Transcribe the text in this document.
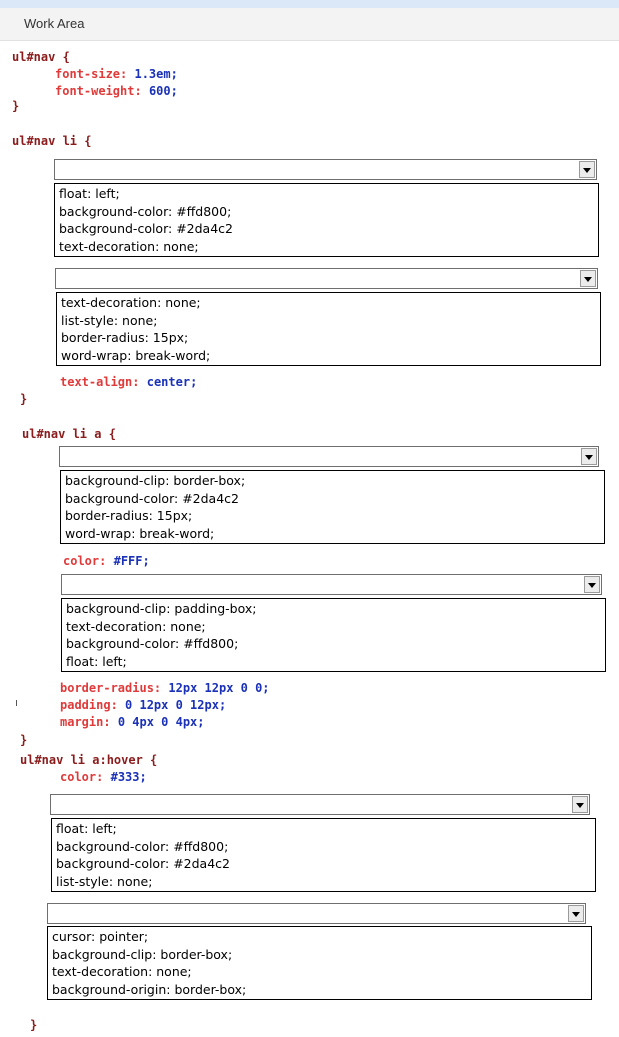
Work Area
ul#nav {
font-size: 1.3em;
font-weight: 600;
}
ul#nav li {
float: left;
background-color: #ffd800;
background-color: #2da4c2
text-decoration: none;
text-decoration: none;
list-style: none;
border-radius: 15px;
word-wrap: break-word;
text-align: center;
}
ul#nav li a {
background-clip: border-box;
background-color: #2da4c2
border-radius: 15px;
word-wrap: break-word;
color: #FFF;
background-clip: padding-box;
text-decoration: none;
background-color: #ffd800;
float: left;
border-radius: 12px 12px 0 0;
padding: 0 12px 0 12px;
margin: 0 4px 0 4px;
}
ul#nav li a:hover {
color: #333;
float: left;
background-color: #ffd800;
background-color: #2da4c2
list-style: none;
cursor: pointer;
background-clip: border-box;
text-decoration: none;
background-origin: border-box;
}
